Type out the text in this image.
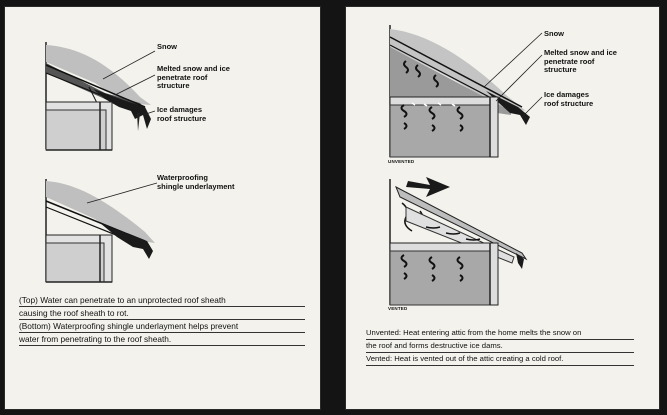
Snow
Melted snow and ice
penetrate roof
structure
Ice damages
roof structure
Waterproofing
shingle underlayment
(Top) Water can penetrate to an unprotected roof sheath
causing the roof sheath to rot.
(Bottom) Waterproofing shingle underlayment helps prevent
water from penetrating to the roof sheath.
Snow
Melted snow and ice
penetrate roof
structure
Ice damages
roof structure
UNVENTED
VENTED
Unvented: Heat entering attic from the home melts the snow on
the roof and forms destructive ice dams.
Vented: Heat is vented out of the attic creating a cold roof.
